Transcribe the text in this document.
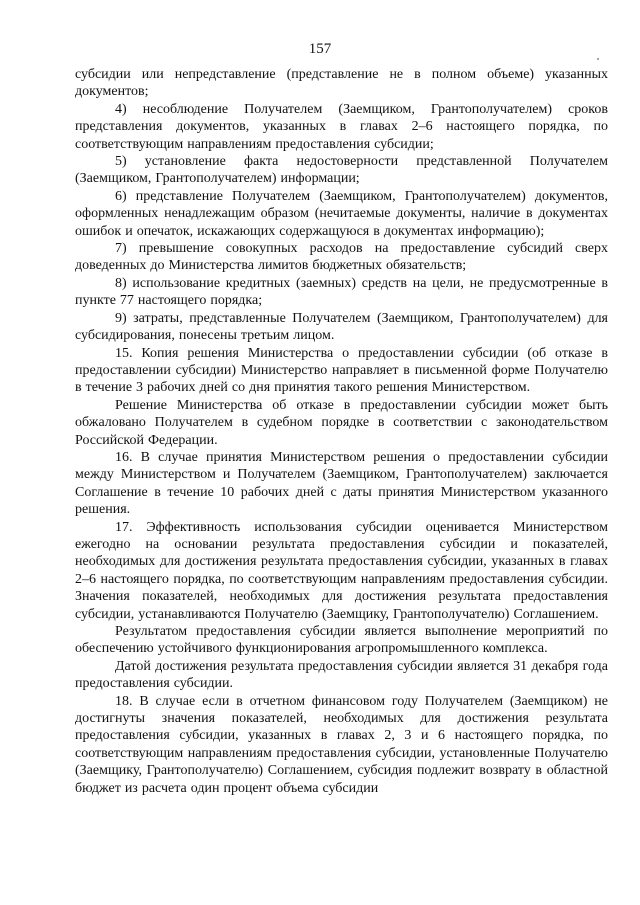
157

субсидии или непредставление (представление не в полном объеме) указанных документов;

4) несоблюдение Получателем (Заемщиком, Грантополучателем) сроков представления документов, указанных в главах 2–6 настоящего порядка, по соответствующим направлениям предоставления субсидии;

5) установление факта недостоверности представленной Получателем (Заемщиком, Грантополучателем) информации;

6) представление Получателем (Заемщиком, Грантополучателем) документов, оформленных ненадлежащим образом (нечитаемые документы, наличие в документах ошибок и опечаток, искажающих содержащуюся в документах информацию);

7) превышение совокупных расходов на предоставление субсидий сверх доведенных до Министерства лимитов бюджетных обязательств;

8) использование кредитных (заемных) средств на цели, не предусмотренные в пункте 77 настоящего порядка;

9) затраты, представленные Получателем (Заемщиком, Грантополучателем) для субсидирования, понесены третьим лицом.

15. Копия решения Министерства о предоставлении субсидии (об отказе в предоставлении субсидии) Министерство направляет в письменной форме Получателю в течение 3 рабочих дней со дня принятия такого решения Министерством.

Решение Министерства об отказе в предоставлении субсидии может быть обжаловано Получателем в судебном порядке в соответствии с законодательством Российской Федерации.

16. В случае принятия Министерством решения о предоставлении субсидии между Министерством и Получателем (Заемщиком, Грантополучателем) заключается Соглашение в течение 10 рабочих дней с даты принятия Министерством указанного решения.

17. Эффективность использования субсидии оценивается Министерством ежегодно на основании результата предоставления субсидии и показателей, необходимых для достижения результата предоставления субсидии, указанных в главах 2–6 настоящего порядка, по соответствующим направлениям предоставления субсидии. Значения показателей, необходимых для достижения результата предоставления субсидии, устанавливаются Получателю (Заемщику, Грантополучателю) Соглашением.

Результатом предоставления субсидии является выполнение мероприятий по обеспечению устойчивого функционирования агропромышленного комплекса.

Датой достижения результата предоставления субсидии является 31 декабря года предоставления субсидии.

18. В случае если в отчетном финансовом году Получателем (Заемщиком) не достигнуты значения показателей, необходимых для достижения результата предоставления субсидии, указанных в главах 2, 3 и 6 настоящего порядка, по соответствующим направлениям предоставления субсидии, установленные Получателю (Заемщику, Грантополучателю) Соглашением, субсидия подлежит возврату в областной бюджет из расчета один процент объема субсидии
